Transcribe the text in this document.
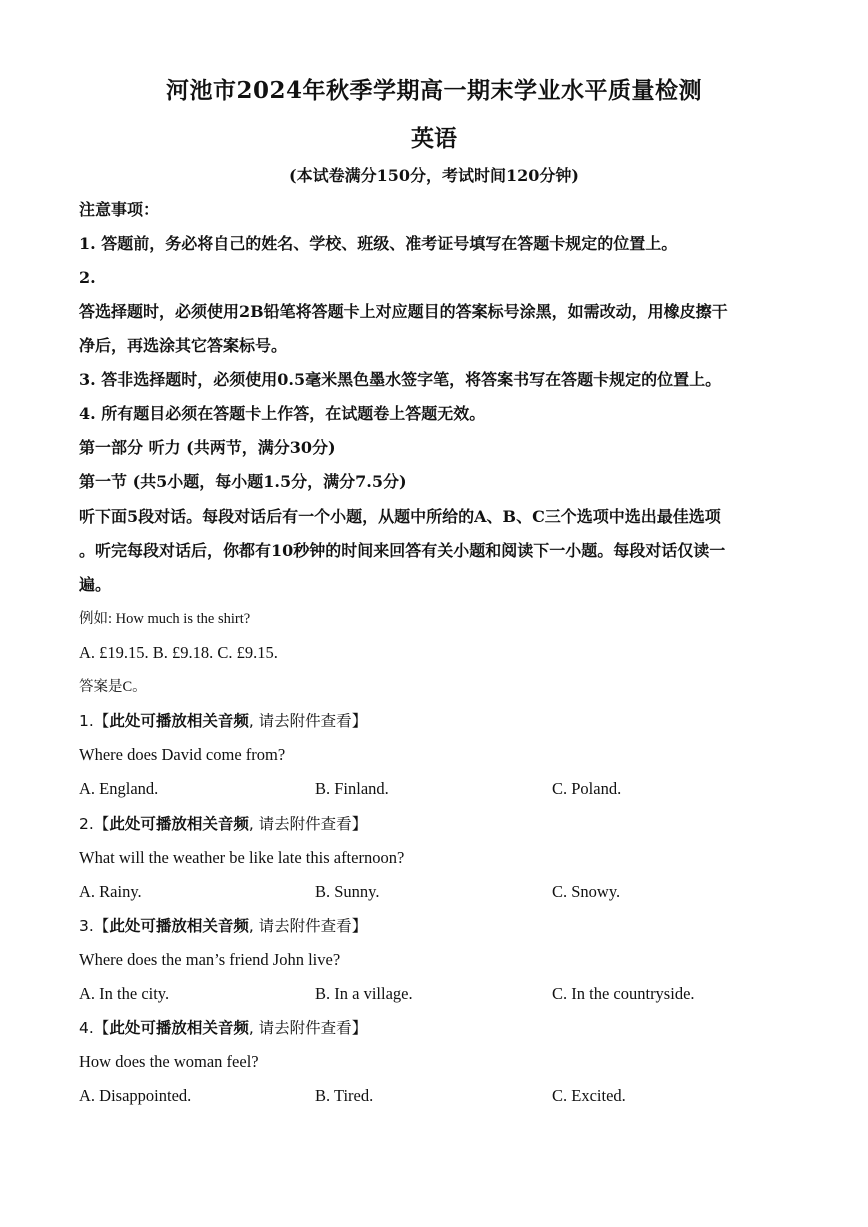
河池市2024年秋季学期高一期末学业水平质量检测
英语
(本试卷满分150分，考试时间120分钟)
注意事项：
1. 答题前，务必将自己的姓名、学校、班级、准考证号填写在答题卡规定的位置上。
2.
答选择题时，必须使用2B铅笔将答题卡上对应题目的答案标号涂黑，如需改动，用橡皮擦干
净后，再选涂其它答案标号。
3. 答非选择题时，必须使用0.5毫米黑色墨水签字笔，将答案书写在答题卡规定的位置上。
4. 所有题目必须在答题卡上作答，在试题卷上答题无效。
第一部分 听力 (共两节，满分30分)
第一节 (共5小题，每小题1.5分，满分7.5分)
听下面5段对话。每段对话后有一个小题，从题中所给的A、B、C三个选项中选出最佳选项
。听完每段对话后，你都有10秒钟的时间来回答有关小题和阅读下一小题。每段对话仅读一
遍。
例如: How much is the shirt?
A. £19.15. B. £9.18. C. £9.15.
答案是C。
1.【此处可播放相关音频, 请去附件查看】
Where does David come from?
A. England.	B. Finland.	C. Poland.
2.【此处可播放相关音频, 请去附件查看】
What will the weather be like late this afternoon?
A. Rainy.	B. Sunny.	C. Snowy.
3.【此处可播放相关音频, 请去附件查看】
Where does the man’s friend John live?
A. In the city.	B. In a village.	C. In the countryside.
4.【此处可播放相关音频, 请去附件查看】
How does the woman feel?
A. Disappointed.	B. Tired.	C. Excited.
